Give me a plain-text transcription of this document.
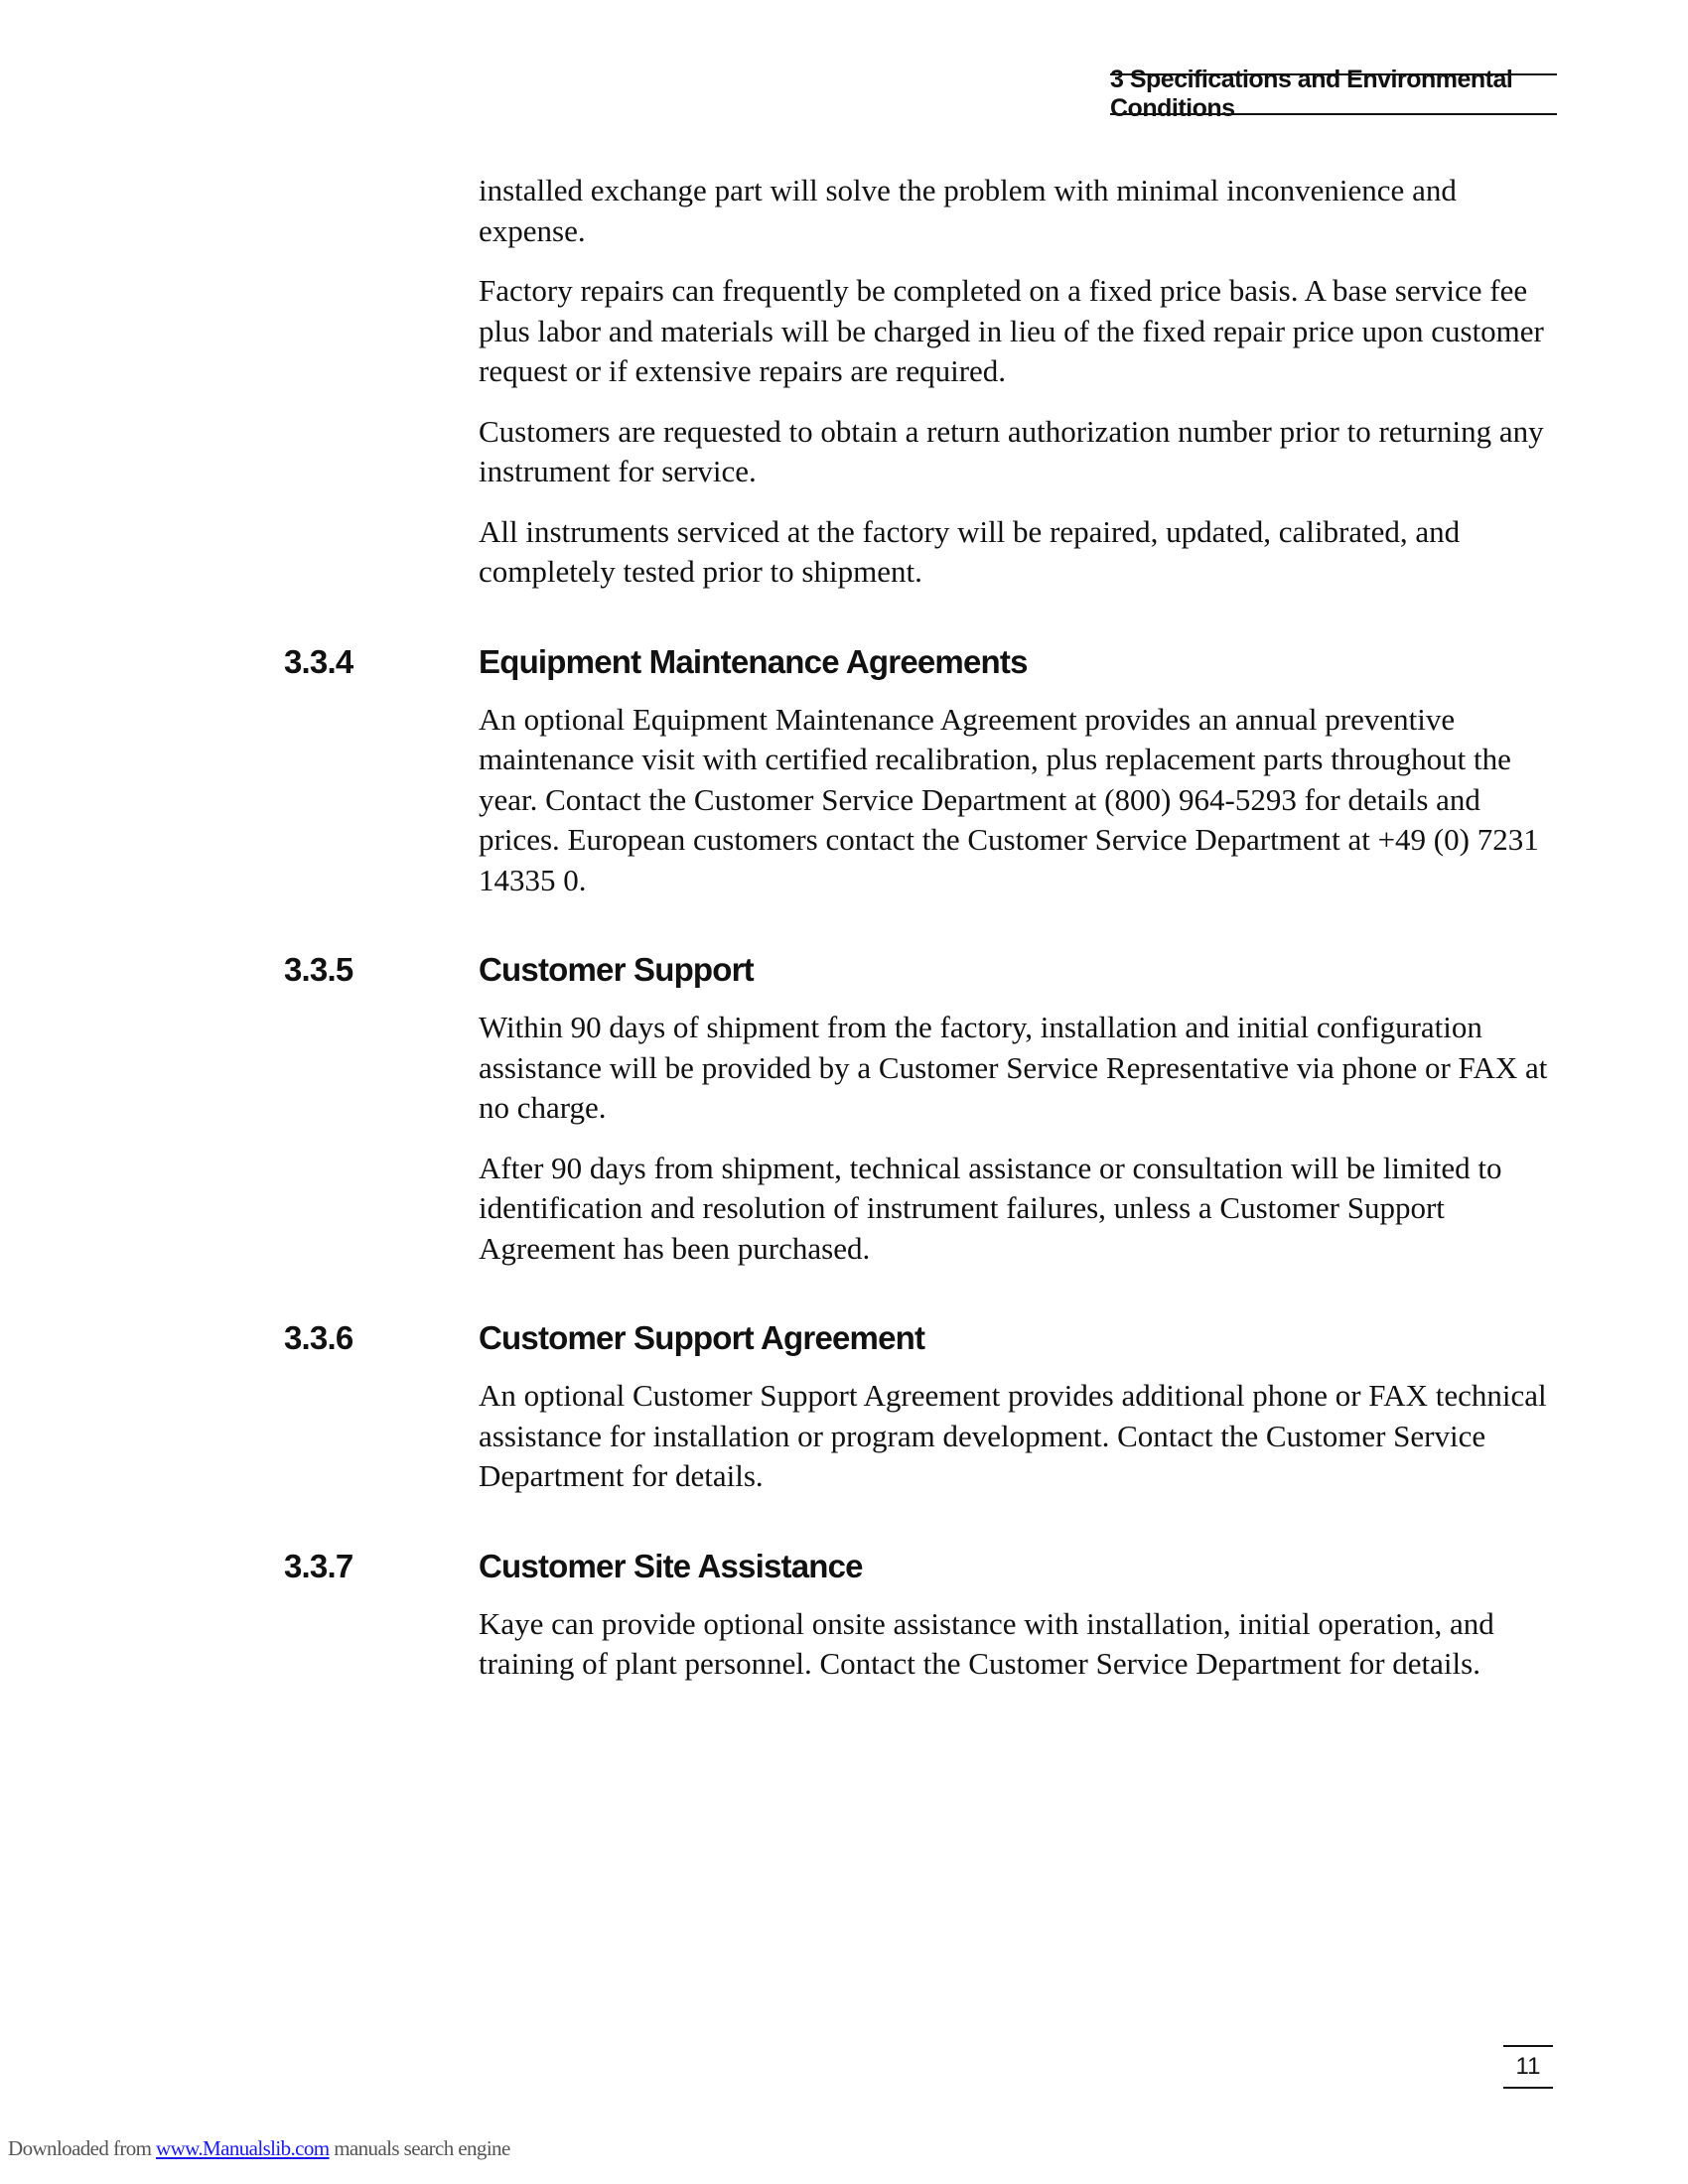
3 Specifications and Environmental Conditions

installed exchange part will solve the problem with minimal inconvenience and expense.

Factory repairs can frequently be completed on a fixed price basis. A base service fee plus labor and materials will be charged in lieu of the fixed repair price upon customer request or if extensive repairs are required.

Customers are requested to obtain a return authorization number prior to returning any instrument for service.

All instruments serviced at the factory will be repaired, updated, calibrated, and completely tested prior to shipment.

3.3.4	Equipment Maintenance Agreements

An optional Equipment Maintenance Agreement provides an annual preventive maintenance visit with certified recalibration, plus replacement parts throughout the year. Contact the Customer Service Department at (800) 964-5293 for details and prices. European customers contact the Customer Service Department at +49 (0) 7231 14335 0.

3.3.5	Customer Support

Within 90 days of shipment from the factory, installation and initial configuration assistance will be provided by a Customer Service Representative via phone or FAX at no charge.

After 90 days from shipment, technical assistance or consultation will be limited to identification and resolution of instrument failures, unless a Customer Support Agreement has been purchased.

3.3.6	Customer Support Agreement

An optional Customer Support Agreement provides additional phone or FAX technical assistance for installation or program development. Contact the Customer Service Department for details.

3.3.7	Customer Site Assistance

Kaye can provide optional onsite assistance with installation, initial operation, and training of plant personnel. Contact the Customer Service Department for details.

11
Downloaded from www.Manualslib.com manuals search engine
